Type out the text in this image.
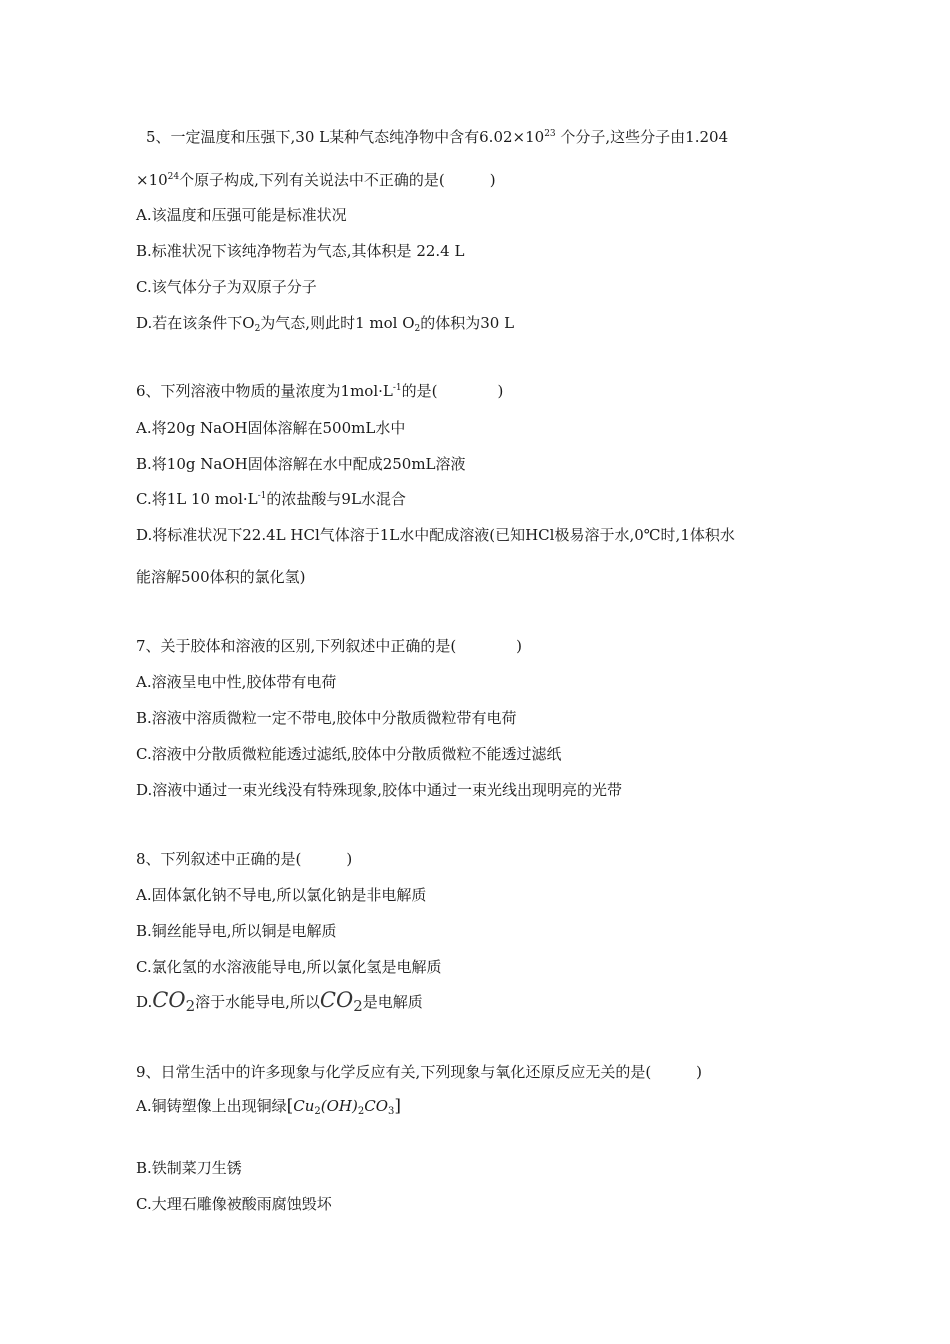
5、一定温度和压强下,30 L某种气态纯净物中含有$6.02\times 10^{23}$ 个分子,这些分子由1.204
$\times 10^{24}$个原子构成,下列有关说法中不正确的是(　　　)
A.该温度和压强可能是标准状况
B.标准状况下该纯净物若为气态,其体积是 22.4 L
C.该气体分子为双原子分子
D.若在该条件下$O_2$为气态,则此时1 mol $O_2$的体积为30 L
6、下列溶液中物质的量浓度为$1mol\cdot L^{-1}$的是(　　　　)
A.将20g NaOH固体溶解在500mL水中
B.将10g NaOH固体溶解在水中配成250mL溶液
C.将1L 10 $mol\cdot L^{-1}$的浓盐酸与9L水混合
D.将标准状况下22.4L HCl气体溶于1L水中配成溶液(已知HCl极易溶于水,0℃时,1体积水
能溶解500体积的氯化氢)
7、关于胶体和溶液的区别,下列叙述中正确的是(　　　　)
A.溶液呈电中性,胶体带有电荷
B.溶液中溶质微粒一定不带电,胶体中分散质微粒带有电荷
C.溶液中分散质微粒能透过滤纸,胶体中分散质微粒不能透过滤纸
D.溶液中通过一束光线没有特殊现象,胶体中通过一束光线出现明亮的光带
8、下列叙述中正确的是(　　　)
A.固体氯化钠不导电,所以氯化钠是非电解质
B.铜丝能导电,所以铜是电解质
C.氯化氢的水溶液能导电,所以氯化氢是电解质
$D.CO_2$溶于水能导电,所以$CO_2$是电解质
9、日常生活中的许多现象与化学反应有关,下列现象与氧化还原反应无关的是(　　　)
A.铜铸塑像上出现铜绿$[Cu_2(OH)_2CO_3]$
B.铁制菜刀生锈
C.大理石雕像被酸雨腐蚀毁坏
